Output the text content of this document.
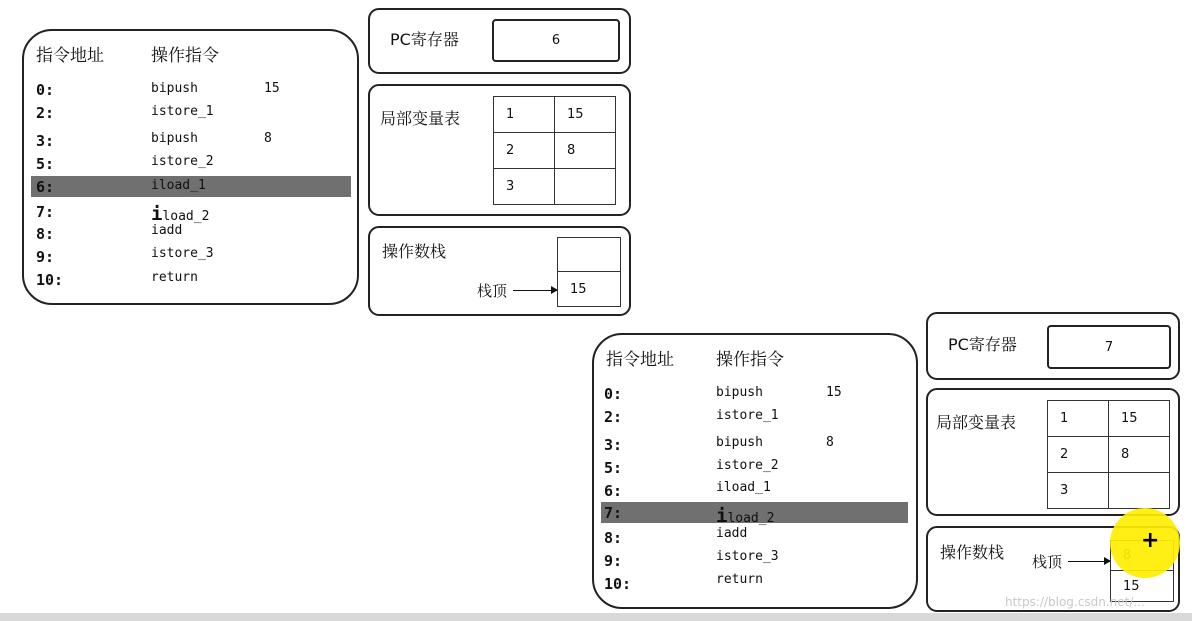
指令地址	操作指令
0:	bipush	15
2:	istore_1
3:	bipush	8
5:	istore_2
6:	iload_1
7:	iload_2
8:	iadd
9:	istore_3
10:	return
PC寄存器	6
局部变量表	1	15
2	8
3	
操作数栈
栈顶	15
指令地址 操作指令
0:	bipush	15
2:	istore_1
3:	bipush	8
5:	istore_2
6:	iload_1
7:	iload_2
8:	iadd
9:	istore_3
10:	return
PC寄存器	7
局部变量表	1	15
2	8
3	
操作数栈 栈顶
15
+
https://blog.csdn.net/...
